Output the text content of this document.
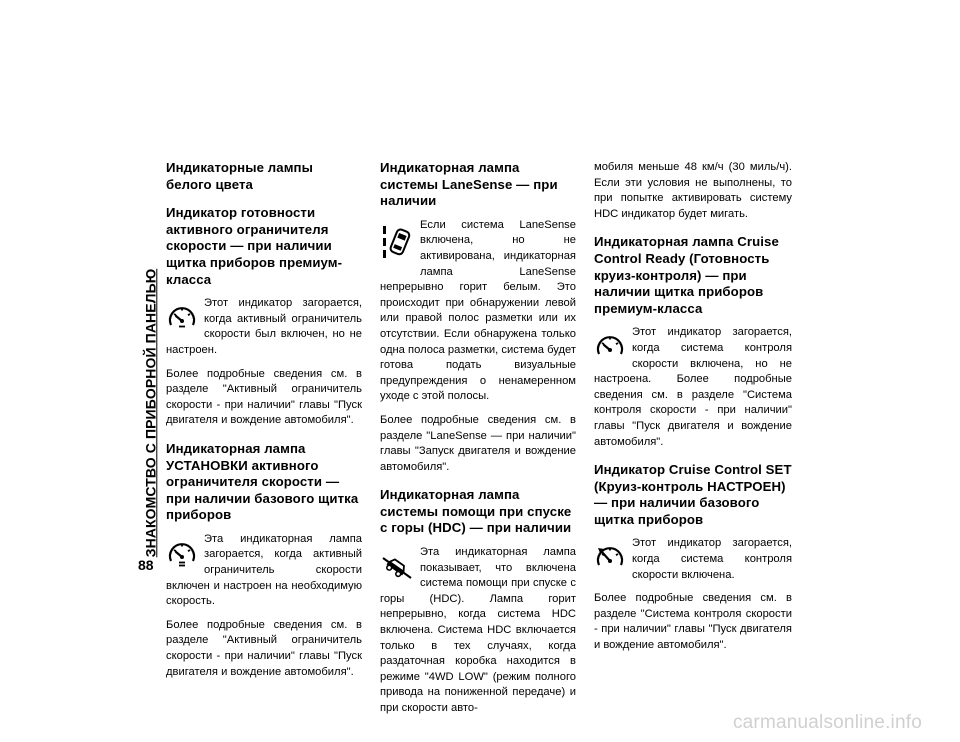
ЗНАКОМСТВО С ПРИБОРНОЙ ПАНЕЛЬЮ
88
Индикаторные лампы белого цвета
Индикатор готовности активного ограничителя скорости — при наличии щитка приборов премиум-класса

Этот индикатор загорается, когда активный ограничитель скорости был включен, но не настроен.

Более подробные сведения см. в разделе "Активный ограничитель скорости - при наличии" главы "Пуск двигателя и вождение автомобиля".

Индикаторная лампа УСТАНОВКИ активного ограничителя скорости — при наличии базового щитка приборов

Эта индикаторная лампа загорается, когда активный ограничитель скорости включен и настроен на необходимую скорость.

Более подробные сведения см. в разделе "Активный ограничитель скорости - при наличии" главы "Пуск двигателя и вождение автомобиля".

Индикаторная лампа системы LaneSense — при наличии

Если система LaneSense включена, но не активирована, индикаторная лампа LaneSense непрерывно горит белым. Это происходит при обнаружении левой или правой полос разметки или их отсутствии. Если обнаружена только одна полоса разметки, система будет готова подать визуальные предупреждения о ненамеренном уходе с этой полосы.

Более подробные сведения см. в разделе "LaneSense — при наличии" главы "Запуск двигателя и вождение автомобиля".

Индикаторная лампа системы помощи при спуске с горы (HDC) — при наличии

Эта индикаторная лампа показывает, что включена система помощи при спуске с горы (HDC). Лампа горит непрерывно, когда система HDC включена. Система HDC включается только в тех случаях, когда раздаточная коробка находится в режиме "4WD LOW" (режим полного привода на пониженной передаче) и при скорости авто-

мобиля меньше 48 км/ч (30 миль/ч). Если эти условия не выполнены, то при попытке активировать систему HDC индикатор будет мигать.

Индикаторная лампа Cruise Control Ready (Готовность круиз-контроля) — при наличии щитка приборов премиум-класса

Этот индикатор загорается, когда система контроля скорости включена, но не настроена. Более подробные сведения см. в разделе "Система контроля скорости - при наличии" главы "Пуск двигателя и вождение автомобиля".

Индикатор Cruise Control SET (Круиз-контроль НАСТРОЕН) — при наличии базового щитка приборов

Этот индикатор загорается, когда система контроля скорости включена.

Более подробные сведения см. в разделе "Система контроля скорости - при наличии" главы "Пуск двигателя и вождение автомобиля".

carmanualsonline.info
